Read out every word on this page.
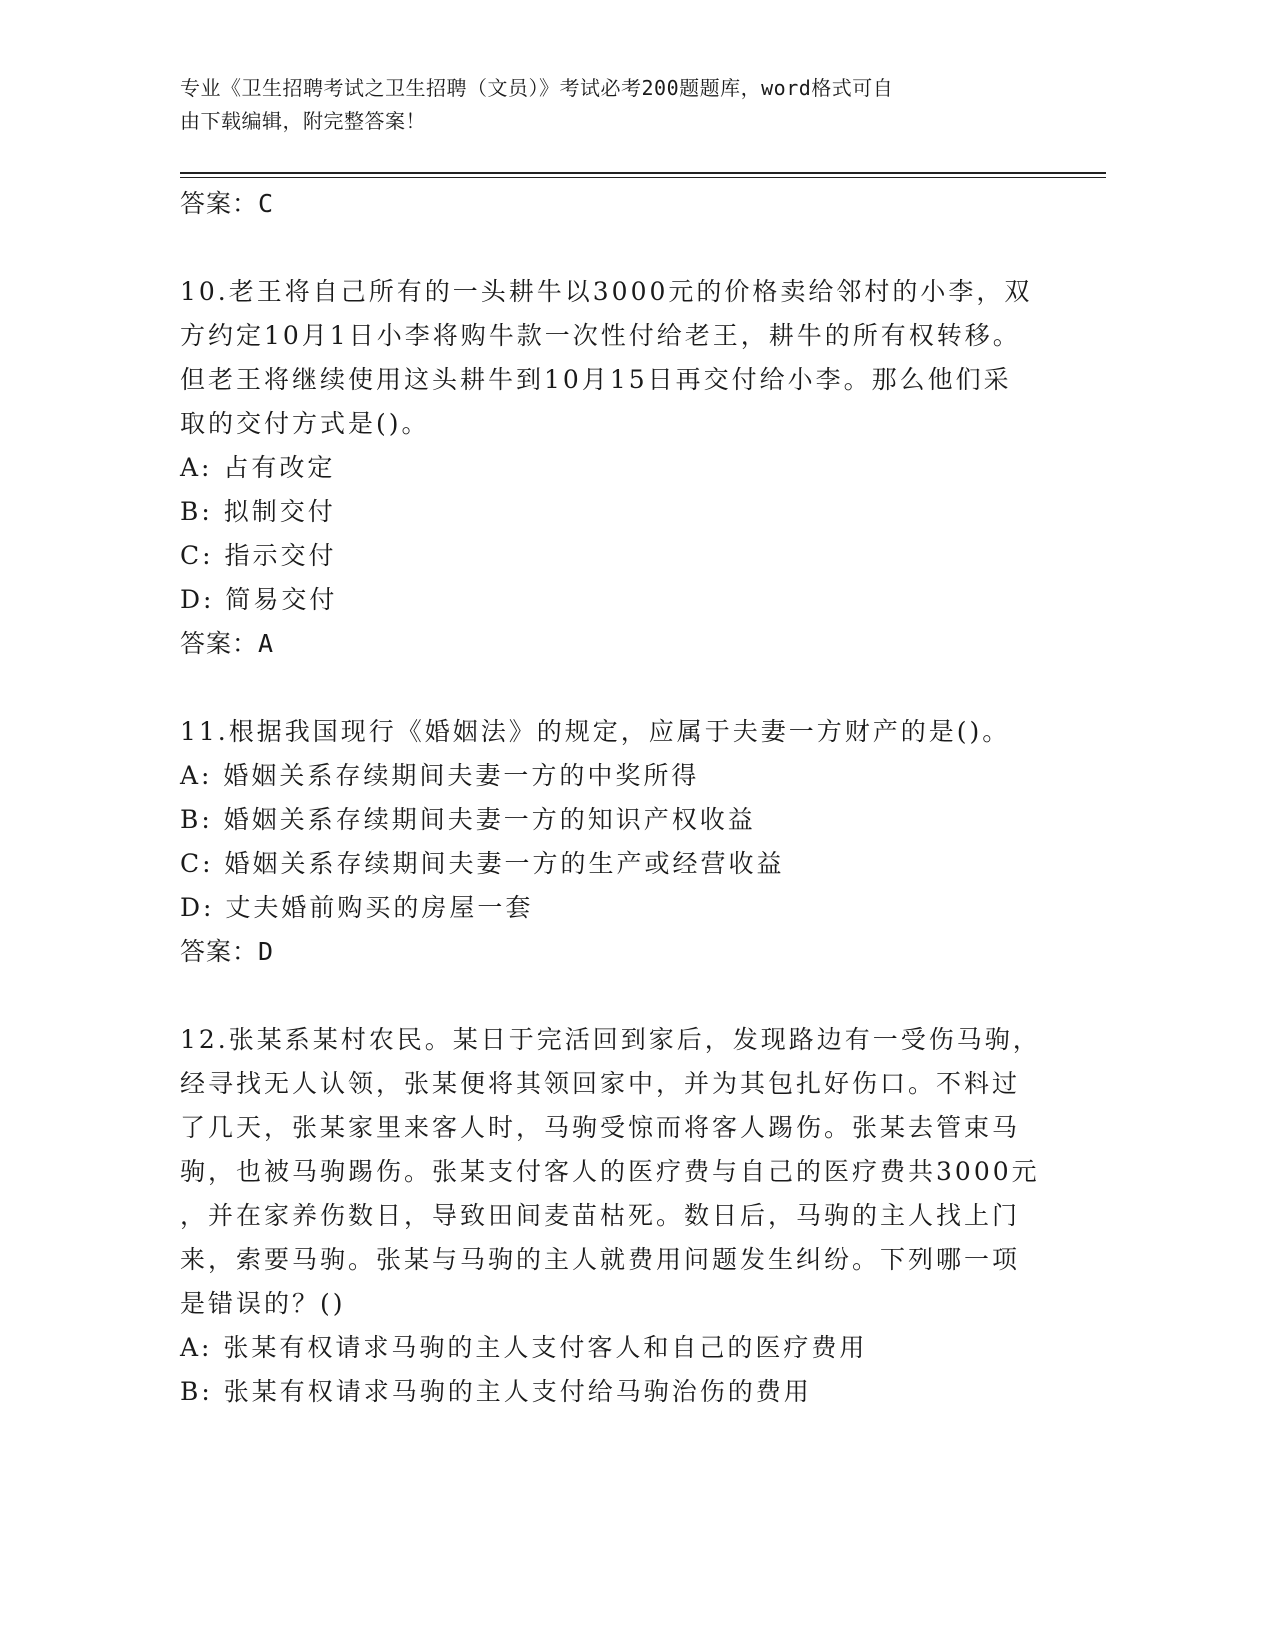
专业《卫生招聘考试之卫生招聘（文员）》考试必考200题题库，word格式可自
由下载编辑，附完整答案！
答案：C
10.老王将自己所有的一头耕牛以3000元的价格卖给邻村的小李，双
方约定10月1日小李将购牛款一次性付给老王，耕牛的所有权转移。
但老王将继续使用这头耕牛到10月15日再交付给小李。那么他们采
取的交付方式是()。
A: 占有改定
B: 拟制交付
C: 指示交付
D: 简易交付
答案：A
11.根据我国现行《婚姻法》的规定，应属于夫妻一方财产的是()。
A: 婚姻关系存续期间夫妻一方的中奖所得
B: 婚姻关系存续期间夫妻一方的知识产权收益
C: 婚姻关系存续期间夫妻一方的生产或经营收益
D: 丈夫婚前购买的房屋一套
答案：D
12.张某系某村农民。某日于完活回到家后，发现路边有一受伤马驹，
经寻找无人认领，张某便将其领回家中，并为其包扎好伤口。不料过
了几天，张某家里来客人时，马驹受惊而将客人踢伤。张某去管束马
驹，也被马驹踢伤。张某支付客人的医疗费与自己的医疗费共3000元
，并在家养伤数日，导致田间麦苗枯死。数日后，马驹的主人找上门
来，索要马驹。张某与马驹的主人就费用问题发生纠纷。下列哪一项
是错误的？()
A: 张某有权请求马驹的主人支付客人和自己的医疗费用
B: 张某有权请求马驹的主人支付给马驹治伤的费用
